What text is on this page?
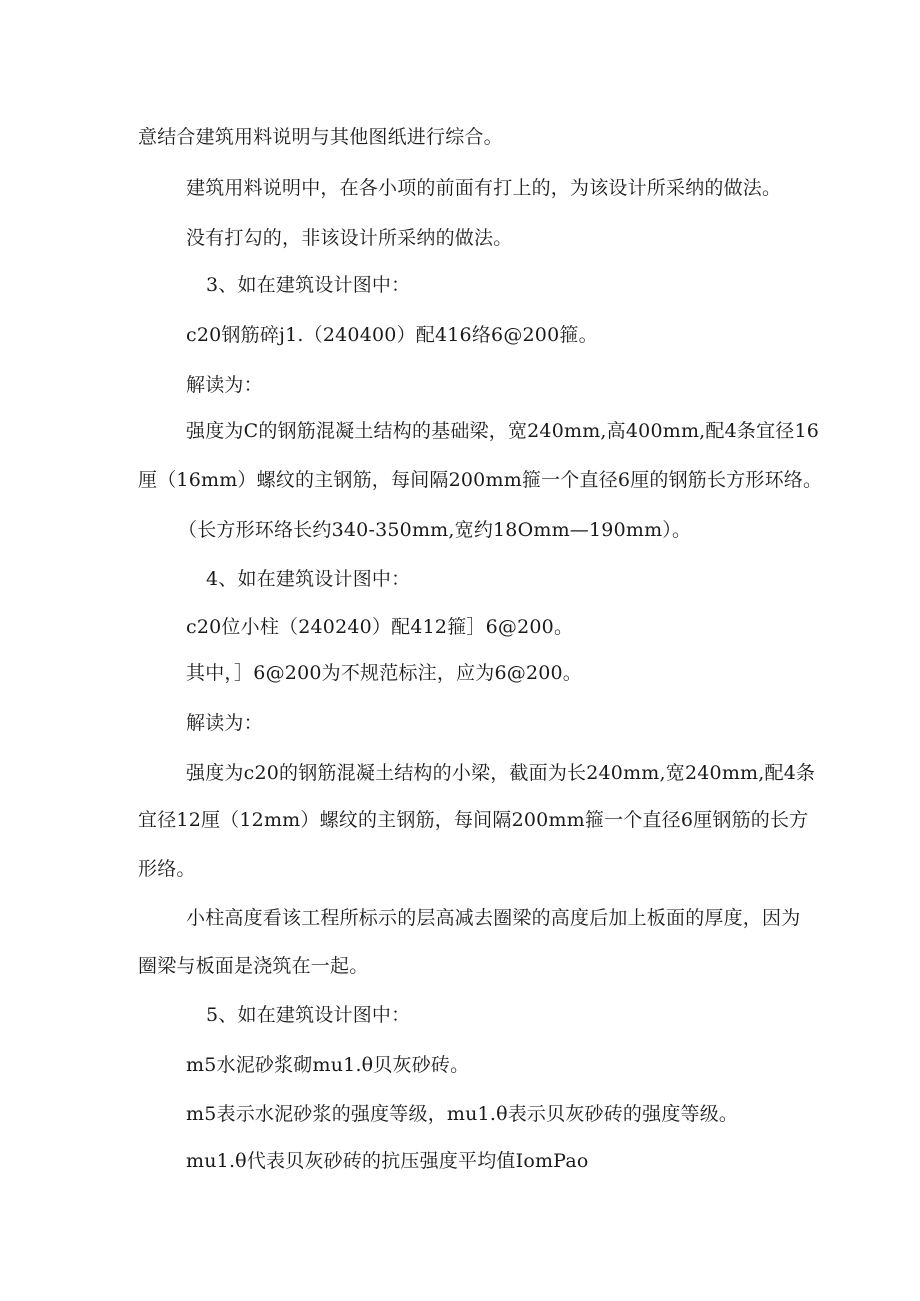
意结合建筑用料说明与其他图纸进行综合。

建筑用料说明中，在各小项的前面有打上的，为该设计所采纳的做法。

没有打勾的，非该设计所采纳的做法。

3、如在建筑设计图中：

c20钢筋碎j1.（240400）配416络6@200箍。

解读为：

强度为C的钢筋混凝土结构的基础梁，宽240mm,高400mm,配4条宜径16

厘（16mm）螺纹的主钢筋，每间隔200mm箍一个直径6厘的钢筋长方形环络。

（长方形环络长约340-350mm,宽约18Omm—190mm）。

4、如在建筑设计图中：

c20位小柱（240240）配412箍］6@200。

其中，］6@200为不规范标注，应为6@200。

解读为：

强度为c20的钢筋混凝土结构的小梁，截面为长240mm,宽240mm,配4条

宜径12厘（12mm）螺纹的主钢筋，每间隔200mm箍一个直径6厘钢筋的长方

形络。

小柱高度看该工程所标示的层高减去圈梁的高度后加上板面的厚度，因为

圈梁与板面是浇筑在一起。

5、如在建筑设计图中：

m5水泥砂浆砌mu1.θ贝灰砂砖。

m5表示水泥砂浆的强度等级，mu1.θ表示贝灰砂砖的强度等级。

mu1.θ代表贝灰砂砖的抗压强度平均值IomPao
